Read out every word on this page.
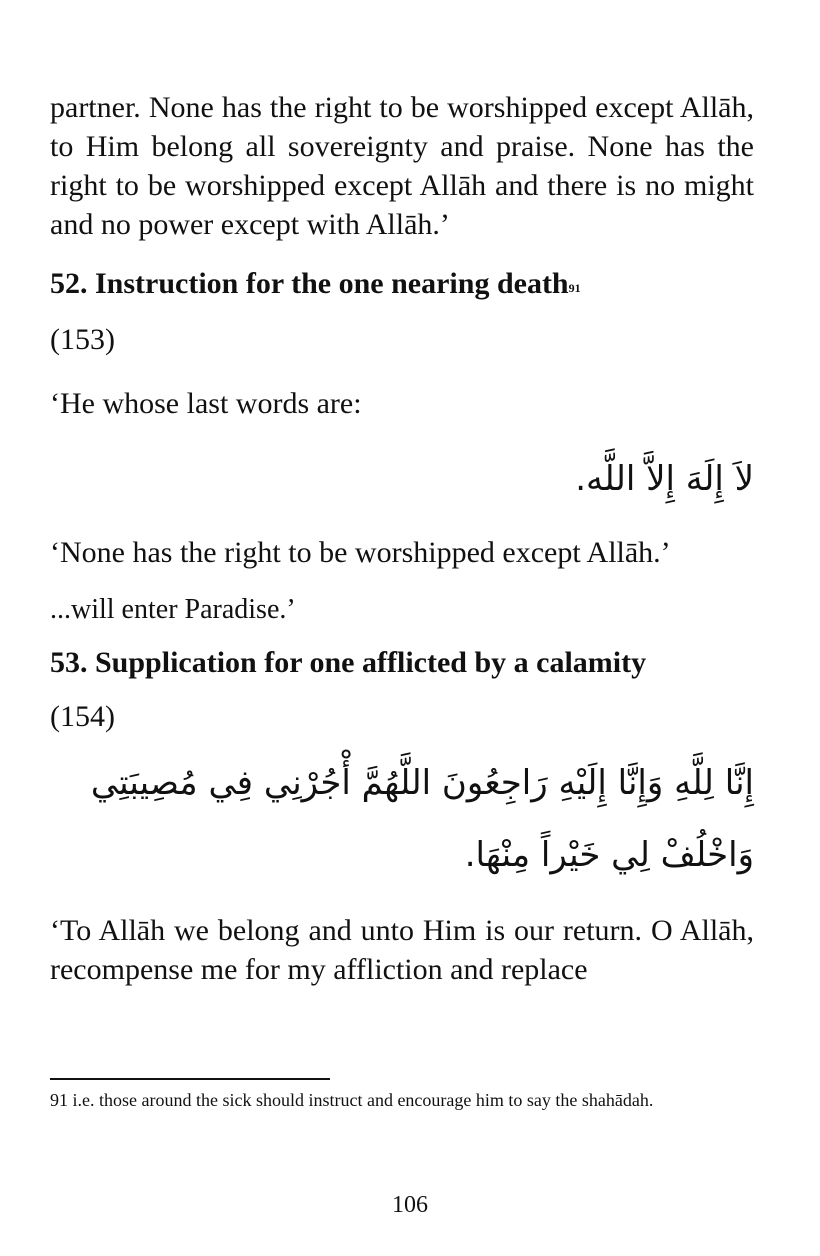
partner. None has the right to be worshipped except Allāh, to Him belong all sovereignty and praise. None has the right to be worshipped except Allāh and there is no might and no power except with Allāh.’

52. Instruction for the one nearing death$^{91}$

(153)

‘He whose last words are:

لاَ إِلَهَ إِلاَّ اللَّه.

‘None has the right to be worshipped except Allāh.’

...will enter Paradise.’

53. Supplication for one afflicted by a calamity

(154)

إِنَّا لِلَّهِ وَإِنَّا إِلَيْهِ رَاجِعُونَ اللَّهُمَّ أْجُرْنِي فِي مُصِيبَتِي

وَاخْلُفْ لِي خَيْراً مِنْهَا.

‘To Allāh we belong and unto Him is our return. O Allāh, recompense me for my affliction and replace

91 i.e. those around the sick should instruct and encourage him to say the shahādah.

106
